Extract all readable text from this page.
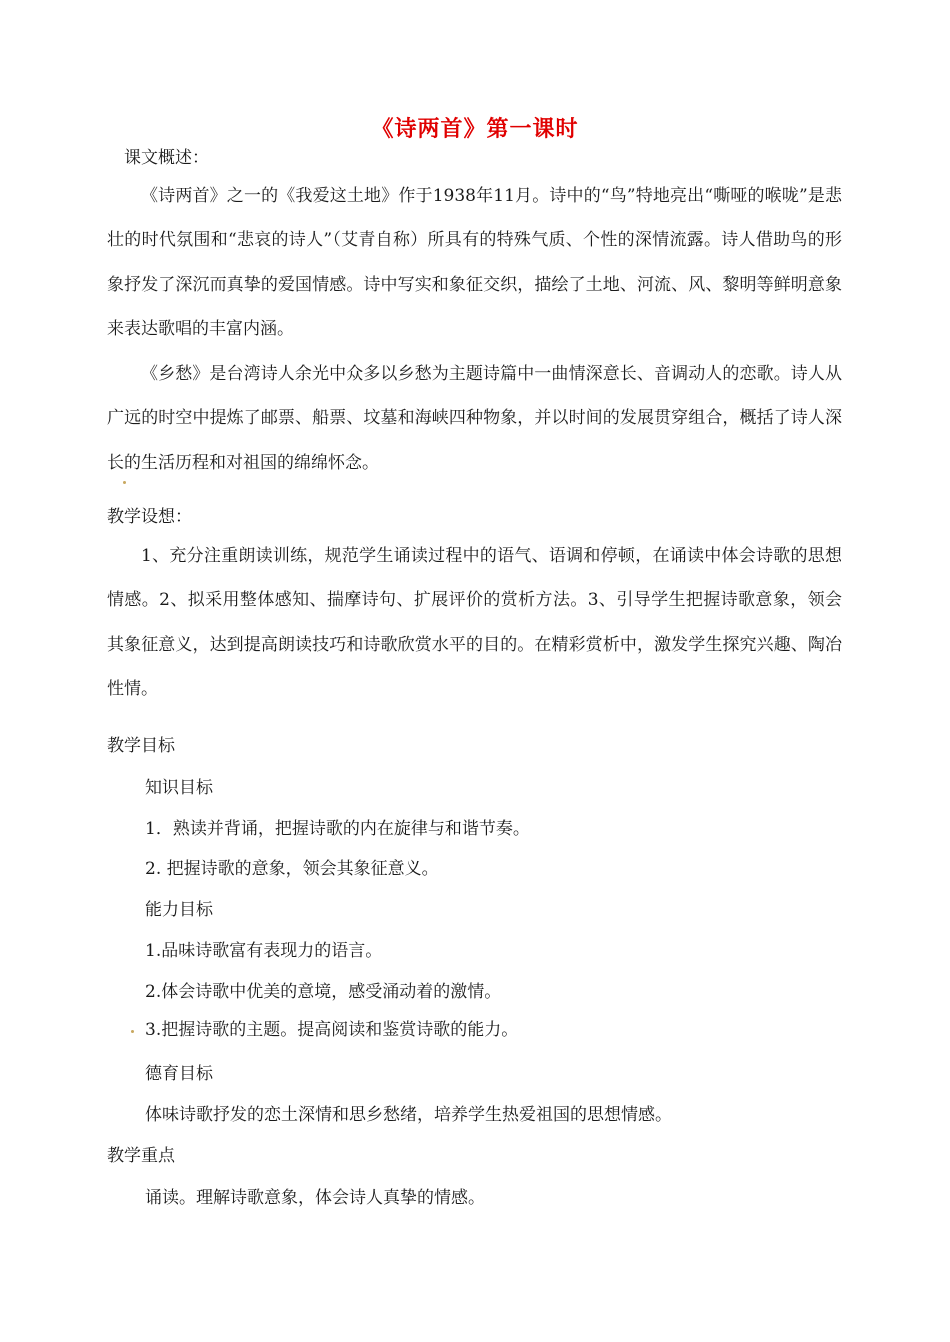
《诗两首》第一课时
课文概述：

《诗两首》之一的《我爱这土地》作于1938年11月。诗中的“鸟”特地亮出“嘶哑的喉咙”是悲壮的时代氛围和“悲哀的诗人”（艾青自称）所具有的特殊气质、个性的深情流露。诗人借助鸟的形象抒发了深沉而真挚的爱国情感。诗中写实和象征交织，描绘了土地、河流、风、黎明等鲜明意象来表达歌唱的丰富内涵。

《乡愁》是台湾诗人余光中众多以乡愁为主题诗篇中一曲情深意长、音调动人的恋歌。诗人从广远的时空中提炼了邮票、船票、坟墓和海峡四种物象，并以时间的发展贯穿组合，概括了诗人深长的生活历程和对祖国的绵绵怀念。

教学设想：

1、充分注重朗读训练，规范学生诵读过程中的语气、语调和停顿，在诵读中体会诗歌的思想情感。2、拟采用整体感知、揣摩诗句、扩展评价的赏析方法。3、引导学生把握诗歌意象，领会其象征意义，达到提高朗读技巧和诗歌欣赏水平的目的。在精彩赏析中，激发学生探究兴趣、陶冶性情。

教学目标
知识目标
1．熟读并背诵，把握诗歌的内在旋律与和谐节奏。
2. 把握诗歌的意象，领会其象征意义。
能力目标
1.品味诗歌富有表现力的语言。
2.体会诗歌中优美的意境，感受涌动着的激情。
3.把握诗歌的主题。提高阅读和鉴赏诗歌的能力。
德育目标
体味诗歌抒发的恋土深情和思乡愁绪，培养学生热爱祖国的思想情感。
教学重点
诵读。理解诗歌意象，体会诗人真挚的情感。
